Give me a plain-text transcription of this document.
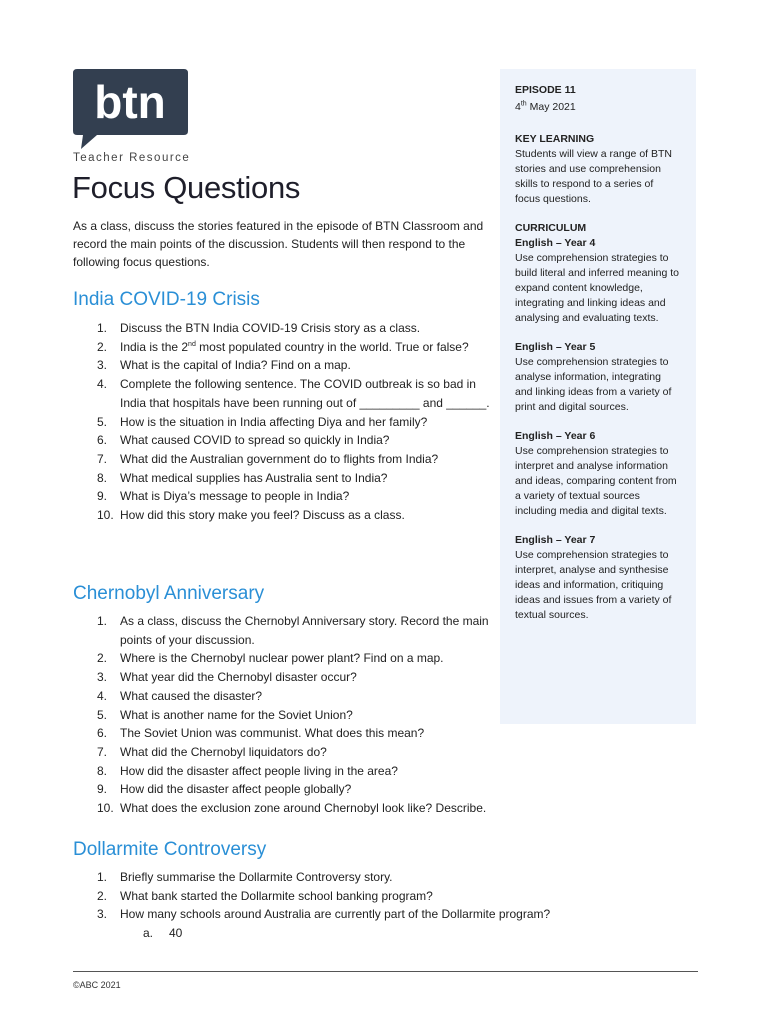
btn
Teacher Resource
Focus Questions

As a class, discuss the stories featured in the episode of BTN Classroom and record the main points of the discussion. Students will then respond to the following focus questions.

India COVID-19 Crisis
1.	Discuss the BTN India COVID-19 Crisis story as a class.
2.	India is the 2nd most populated country in the world. True or false?
3.	What is the capital of India? Find on a map.
4.	Complete the following sentence. The COVID outbreak is so bad in India that hospitals have been running out of _________ and ______.
5.	How is the situation in India affecting Diya and her family?
6.	What caused COVID to spread so quickly in India?
7.	What did the Australian government do to flights from India?
8.	What medical supplies has Australia sent to India?
9.	What is Diya’s message to people in India?
10. How did this story make you feel? Discuss as a class.
Chernobyl Anniversary
1.	As a class, discuss the Chernobyl Anniversary story. Record the main points of your discussion.
2.	Where is the Chernobyl nuclear power plant? Find on a map.
3.	What year did the Chernobyl disaster occur?
4.	What caused the disaster?
5.	What is another name for the Soviet Union?
6.	The Soviet Union was communist. What does this mean?
7.	What did the Chernobyl liquidators do?
8.	How did the disaster affect people living in the area?
9.	How did the disaster affect people globally?
10. What does the exclusion zone around Chernobyl look like? Describe.
Dollarmite Controversy
1.	Briefly summarise the Dollarmite Controversy story.
2.	What bank started the Dollarmite school banking program?
3.	How many schools around Australia are currently part of the Dollarmite program?
a.	40
EPISODE 11
4th May 2021
KEY LEARNING
Students will view a range of BTN stories and use comprehension skills to respond to a series of focus questions.
CURRICULUM
English – Year 4
Use comprehension strategies to build literal and inferred meaning to expand content knowledge, integrating and linking ideas and analysing and evaluating texts.
English – Year 5
Use comprehension strategies to analyse information, integrating and linking ideas from a variety of print and digital sources.
English – Year 6
Use comprehension strategies to interpret and analyse information and ideas, comparing content from a variety of textual sources including media and digital texts.
English – Year 7
Use comprehension strategies to interpret, analyse and synthesise ideas and information, critiquing ideas and issues from a variety of textual sources.
©ABC 2021
